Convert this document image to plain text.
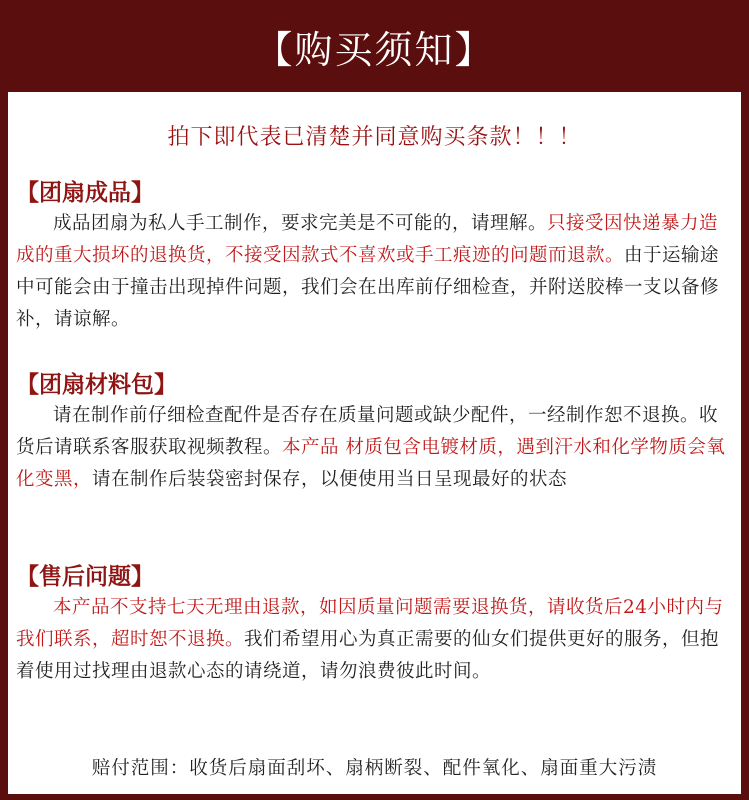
【购买须知】
拍下即代表已清楚并同意购买条款！！！
【团扇成品】
成品团扇为私人手工制作，要求完美是不可能的，请理解。只接受因快递暴力造成的重大损坏的退换货，不接受因款式不喜欢或手工痕迹的问题而退款。由于运输途中可能会由于撞击出现掉件问题，我们会在出库前仔细检查，并附送胶棒一支以备修补，请谅解。
【团扇材料包】
请在制作前仔细检查配件是否存在质量问题或缺少配件，一经制作恕不退换。收货后请联系客服获取视频教程。本产品 材质包含电镀材质，遇到汗水和化学物质会氧化变黑，请在制作后装袋密封保存，以便使用当日呈现最好的状态
【售后问题】
本产品不支持七天无理由退款，如因质量问题需要退换货，请收货后24小时内与我们联系，超时恕不退换。我们希望用心为真正需要的仙女们提供更好的服务，但抱着使用过找理由退款心态的请绕道，请勿浪费彼此时间。
赔付范围：收货后扇面刮坏、扇柄断裂、配件氧化、扇面重大污渍
